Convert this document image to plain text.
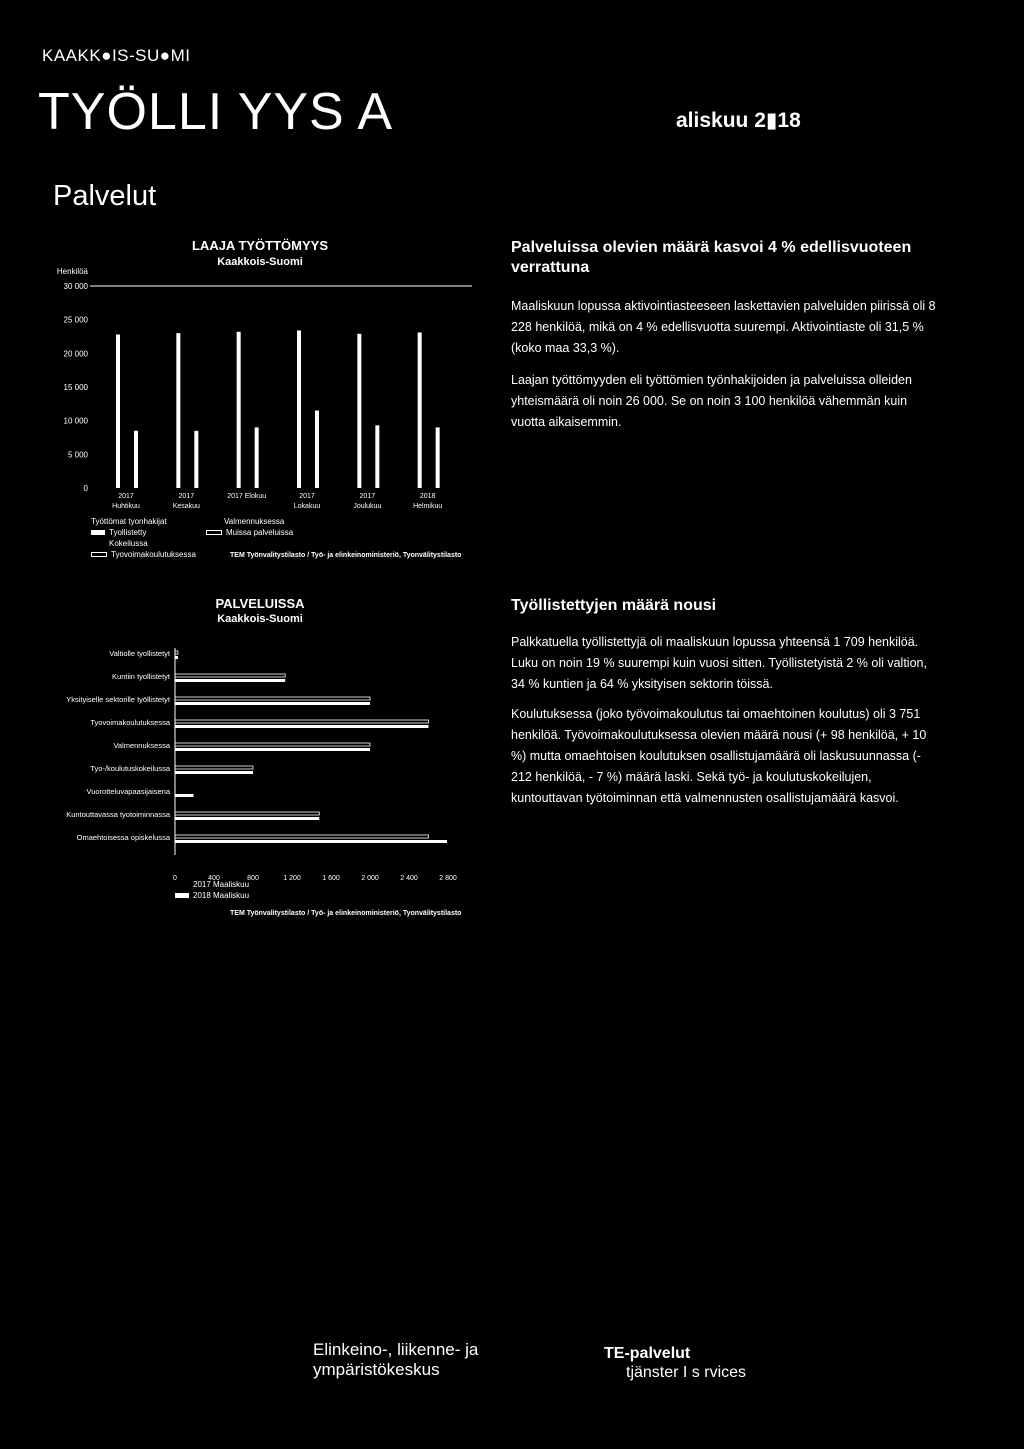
KAAKK●IS-SU●MI
TYÖLLI YYS A	aliskuu 2▮18
Palvelut
LAAJA TYÖTTÖMYYS
Kaakkois-Suomi
Henkilöä
30 000
25 000
20 000
15 000
10 000
5 000
0
2017
Huhtikuu
2017
Kesakuu
2017 Elokuu	2017
Lokakuu
2017
Joulukuu
2018
Helmikuu
Työttömat tyonhakijat
Tyollistetty
Kokeilussa
Tyovoimakoulutuksessa
Valmennuksessa
Muissa palveluissa
TEM Työnvalitystilasto / Työ- ja elinkeinoministeriö, Tyonvälitystilasto
Palveluissa olevien määrä kasvoi 4 % edellisvuoteen verrattuna
Maaliskuun lopussa aktivointiasteeseen laskettavien palveluiden piirissä oli 8 228 henkilöä, mikä on 4 % edellisvuotta suurempi. Aktivointiaste oli 31,5 % (koko maa 33,3 %).
Laajan työttömyyden eli työttömien työnhakijoiden ja palveluissa olleiden yhteismäärä oli noin 26 000. Se on noin 3 100 henkilöä vähemmän kuin vuotta aikaisemmin.
PALVELUISSA
Kaakkois-Suomi
Valtiolle tyollistetyt
Kuntiin tyollistetyt
Yksityiselle sektorille työllistetyt
Tyovoimakoulutuksessa
Valmennuksessa
Tyo-/koulutuskokeilussa
Vuorotteluvapaasijaisena
Kuntouttavassa tyotoiminnassa
Omaehtoisessa opiskelussa
0	400	800	1 200	1 600	2 000	2 400	2 800
2017 Maaliskuu
2018 Maaliskuu
TEM Työnvalitystilasto / Työ- ja elinkeinoministeriö, Tyonvälitystilasto
Työllistettyjen määrä nousi
Palkkatuella työllistettyjä oli maaliskuun lopussa yhteensä 1 709 henkilöä. Luku on noin 19 % suurempi kuin vuosi sitten. Työllistetyistä 2 % oli valtion, 34 % kuntien ja 64 % yksityisen sektorin töissä.
Koulutuksessa (joko työvoimakoulutus tai omaehtoinen koulutus) oli 3 751 henkilöä. Työvoimakoulutuksessa olevien määrä nousi (+ 98 henkilöä, + 10 %) mutta omaehtoisen koulutuksen osallistujamäärä oli laskusuunnassa (- 212 henkilöä, - 7 %) määrä laski. Sekä työ- ja koulutuskokeilujen, kuntouttavan työtoiminnan että valmennusten osallistujamäärä kasvoi.
Elinkeino-, liikenne- ja
ympäristökeskus
TE-palvelut
tjänster I s rvices
